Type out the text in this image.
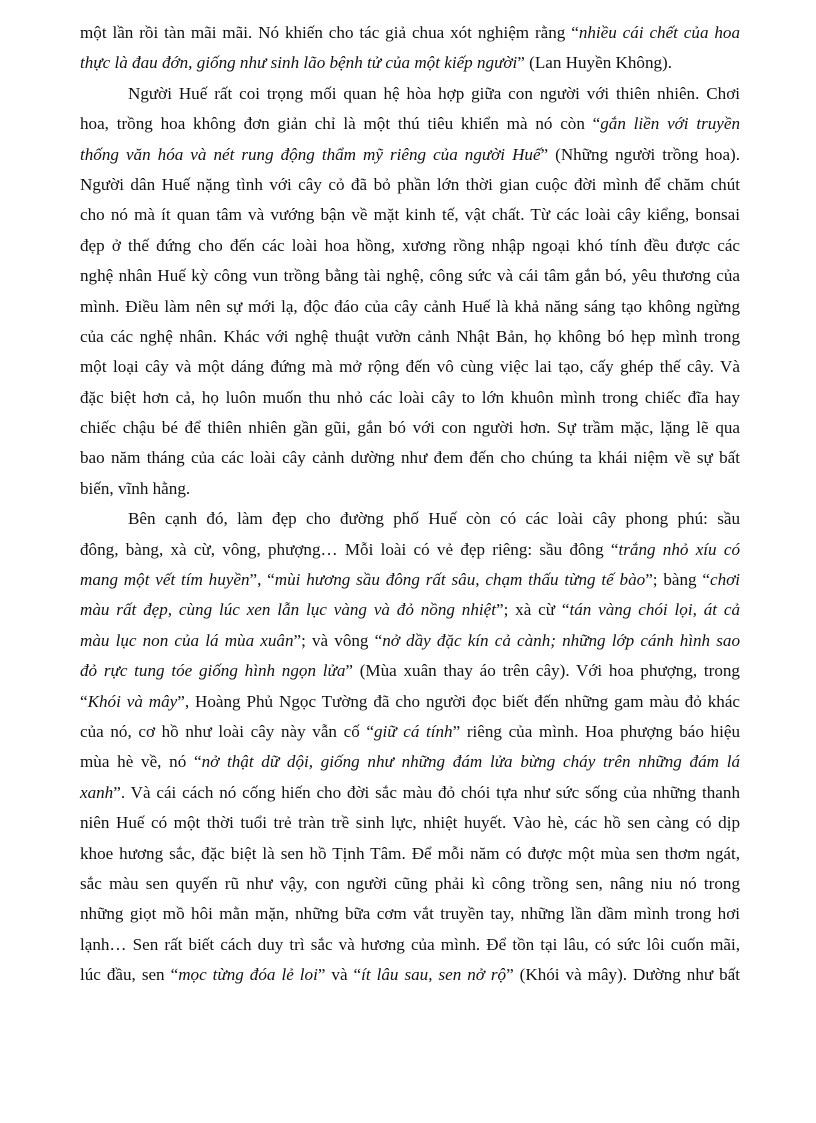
một lần rồi tàn mãi mãi. Nó khiến cho tác giả chua xót nghiệm rằng “nhiều cái chết của hoa
thực là đau đớn, giống như sinh lão bệnh tử của một kiếp người” (Lan Huyền Không).
Người Huế rất coi trọng mối quan hệ hòa hợp giữa con người với thiên nhiên. Chơi
hoa, trồng hoa không đơn giản chỉ là một thú tiêu khiển mà nó còn “gắn liền với truyền
thống văn hóa và nét rung động thẩm mỹ riêng của người Huế” (Những người trồng hoa).
Người dân Huế nặng tình với cây cỏ đã bỏ phần lớn thời gian cuộc đời mình để chăm chút
cho nó mà ít quan tâm và vướng bận về mặt kinh tế, vật chất. Từ các loài cây kiểng, bonsai
đẹp ở thế đứng cho đến các loài hoa hồng, xương rồng nhập ngoại khó tính đều được các
nghệ nhân Huế kỳ công vun trồng bằng tài nghệ, công sức và cái tâm gắn bó, yêu thương của
mình. Điều làm nên sự mới lạ, độc đáo của cây cảnh Huế là khả năng sáng tạo không ngừng
của các nghệ nhân. Khác với nghệ thuật vườn cảnh Nhật Bản, họ không bó hẹp mình trong
một loại cây và một dáng đứng mà mở rộng đến vô cùng việc lai tạo, cấy ghép thế cây. Và
đặc biệt hơn cả, họ luôn muốn thu nhỏ các loài cây to lớn khuôn mình trong chiếc đĩa hay
chiếc chậu bé để thiên nhiên gần gũi, gắn bó với con người hơn. Sự trầm mặc, lặng lẽ qua
bao năm tháng của các loài cây cảnh dường như đem đến cho chúng ta khái niệm về sự bất
biến, vĩnh hằng.
Bên cạnh đó, làm đẹp cho đường phố Huế còn có các loài cây phong phú: sầu
đông, bàng, xà cừ, vông, phượng… Mỗi loài có vẻ đẹp riêng: sầu đông “trắng nhỏ xíu có
mang một vết tím huyền”, “mùi hương sầu đông rất sâu, chạm thấu từng tế bào”; bàng “chơi
màu rất đẹp, cùng lúc xen lẫn lục vàng và đỏ nồng nhiệt”; xà cừ “tán vàng chói lọi, át cả
màu lục non của lá mùa xuân”; và vông “nở dầy đặc kín cả cành; những lớp cánh hình sao
đỏ rực tung tóe giống hình ngọn lửa” (Mùa xuân thay áo trên cây). Với hoa phượng, trong
“Khói và mây”, Hoàng Phủ Ngọc Tường đã cho người đọc biết đến những gam màu đỏ khác
của nó, cơ hồ như loài cây này vẫn cố “giữ cá tính” riêng của mình. Hoa phượng báo hiệu
mùa hè về, nó “nở thật dữ dội, giống như những đám lửa bừng cháy trên những đám lá
xanh”. Và cái cách nó cống hiến cho đời sắc màu đỏ chói tựa như sức sống của những thanh
niên Huế có một thời tuổi trẻ tràn trề sinh lực, nhiệt huyết. Vào hè, các hồ sen càng có dịp
khoe hương sắc, đặc biệt là sen hồ Tịnh Tâm. Để mỗi năm có được một mùa sen thơm ngát,
sắc màu sen quyến rũ như vậy, con người cũng phải kì công trồng sen, nâng niu nó trong
những giọt mồ hôi mằn mặn, những bữa cơm vắt truyền tay, những lần dầm mình trong hơi
lạnh… Sen rất biết cách duy trì sắc và hương của mình. Để tồn tại lâu, có sức lôi cuốn mãi,
lúc đầu, sen “mọc từng đóa lẻ loi” và “ít lâu sau, sen nở rộ” (Khói và mây). Dường như bất
